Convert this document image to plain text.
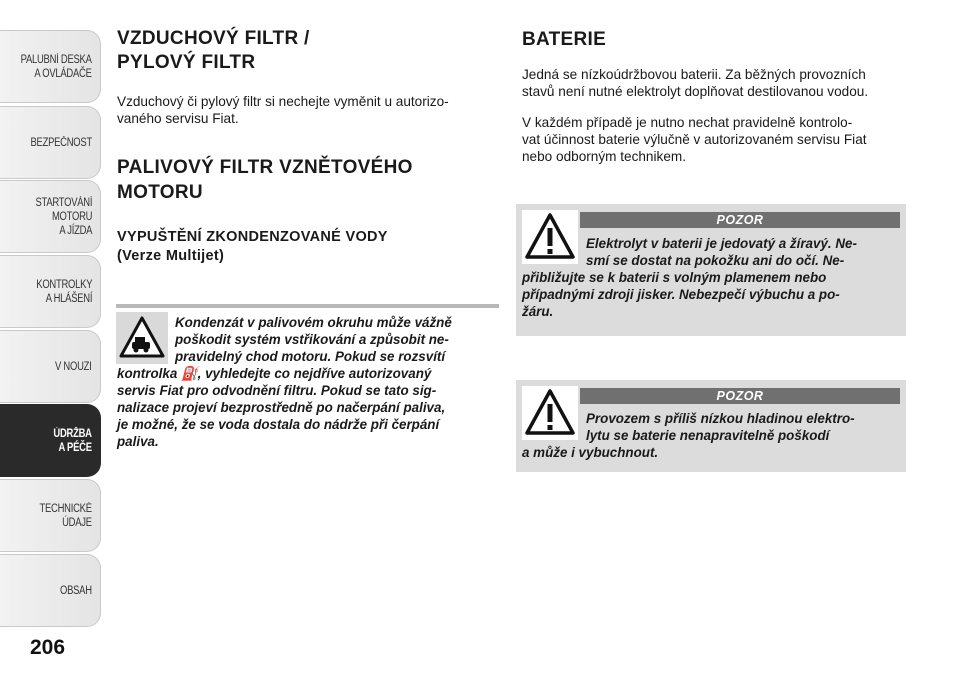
PALUBNÍ DESKA
A OVLÁDAČE
BEZPEČNOST
STARTOVÁNÍ
MOTORU
A JÍZDA
KONTROLKY
A HLÁŠENÍ
V NOUZI
ÚDRŽBA
A PÉČE
TECHNICKÉ
ÚDAJE
OBSAH
206
VZDUCHOVÝ FILTR /
PYLOVÝ FILTR
Vzduchový či pylový filtr si nechejte vyměnit u autorizo-
vaného servisu Fiat.
PALIVOVÝ FILTR VZNĚTOVÉHO
MOTORU
VYPUŠTĚNÍ ZKONDENZOVANÉ VODY
(Verze Multijet)
Kondenzát v palivovém okruhu může vážně
poškodit systém vstřikování a způsobit ne-
pravidelný chod motoru. Pokud se rozsvítí
kontrolka ⛽, vyhledejte co nejdříve autorizovaný
servis Fiat pro odvodnění filtru. Pokud se tato sig-
nalizace projeví bezprostředně po načerpání paliva,
je možné, že se voda dostala do nádrže při čerpání
paliva.
BATERIE
Jedná se nízkoúdržbovou baterii. Za běžných provozních
stavů není nutné elektrolyt doplňovat destilovanou vodou.
V každém případě je nutno nechat pravidelně kontrolo-
vat účinnost baterie výlučně v autorizovaném servisu Fiat
nebo odborným technikem.
POZOR
Elektrolyt v baterii je jedovatý a žíravý. Ne-
smí se dostat na pokožku ani do očí. Ne-
přibližujte se k baterii s volným plamenem nebo
případnými zdroji jisker. Nebezpečí výbuchu a po-
žáru.
POZOR
Provozem s příliš nízkou hladinou elektro-
lytu se baterie nenapravitelně poškodí
a může i vybuchnout.
